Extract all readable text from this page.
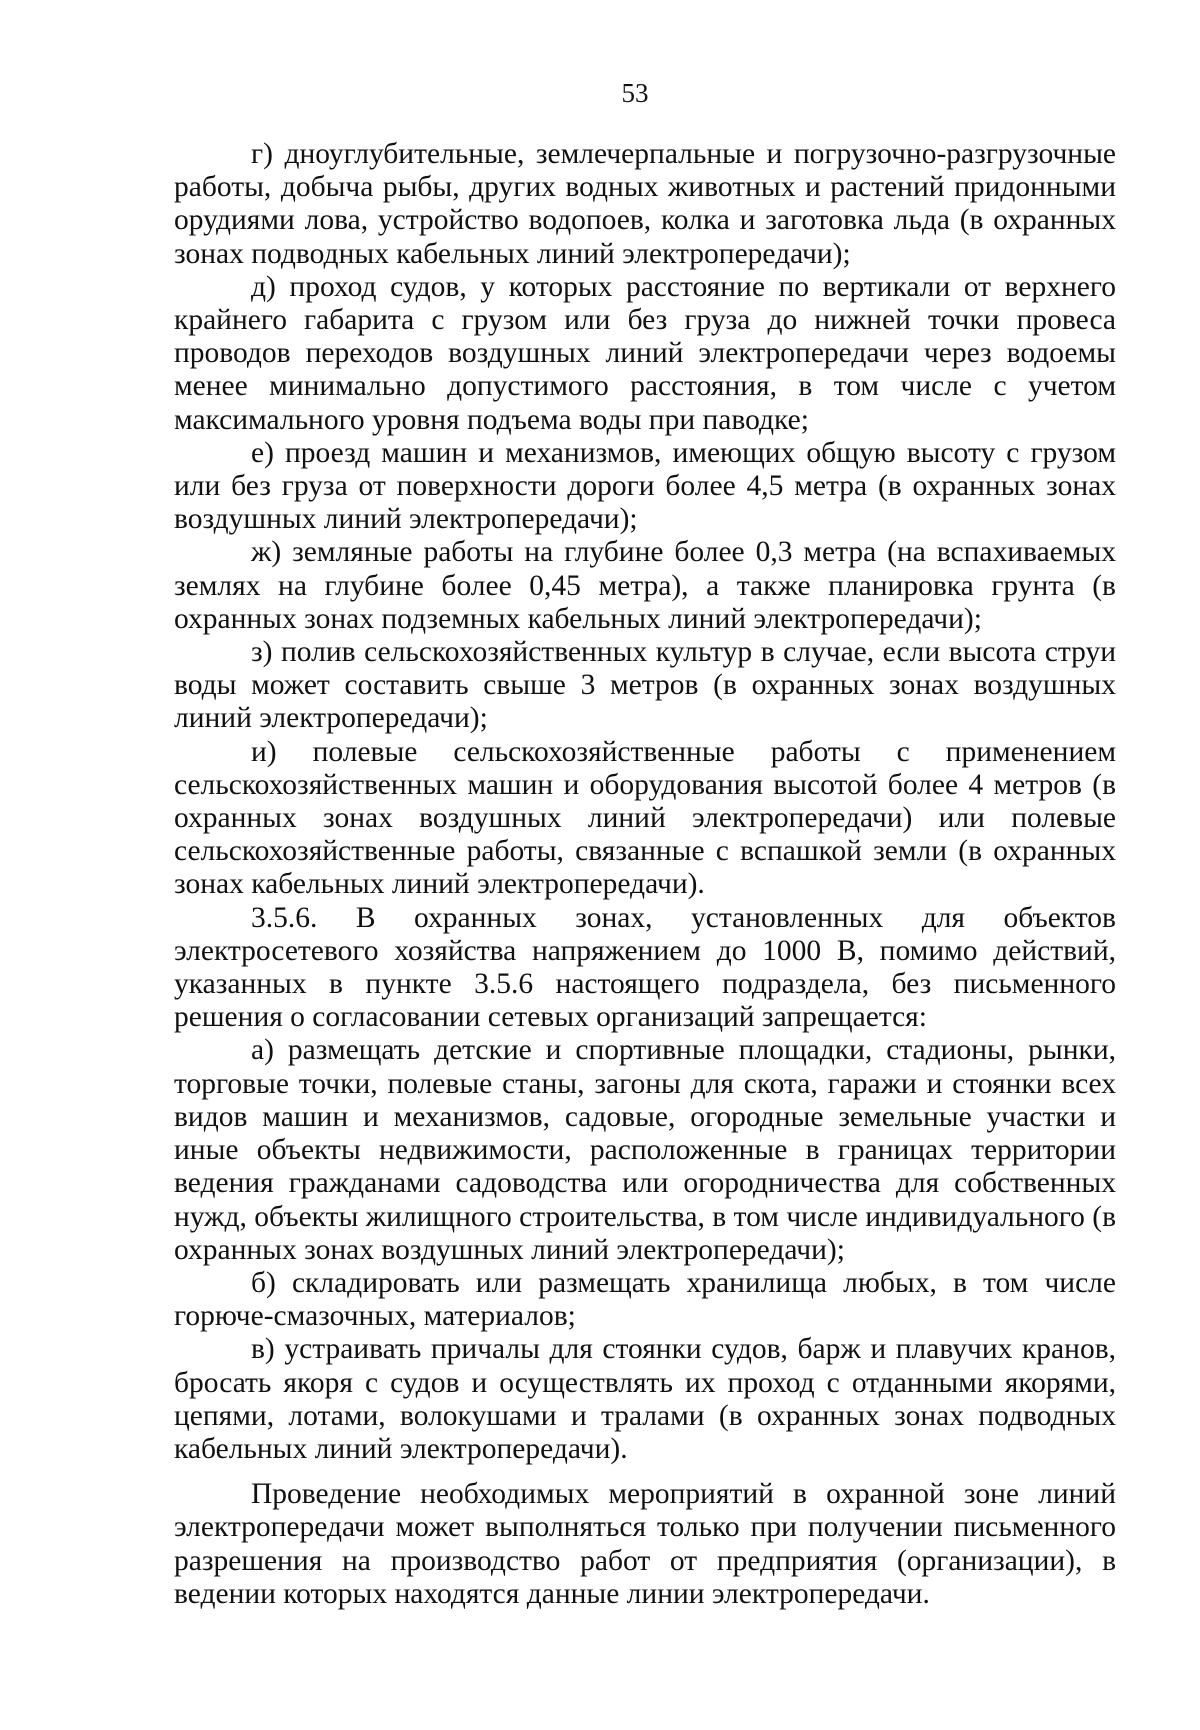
53

г) дноуглубительные, землечерпальные и погрузочно-разгрузочные работы, добыча рыбы, других водных животных и растений придонными орудиями лова, устройство водопоев, колка и заготовка льда (в охранных зонах подводных кабельных линий электропередачи);

д) проход судов, у которых расстояние по вертикали от верхнего крайнего габарита с грузом или без груза до нижней точки провеса проводов переходов воздушных линий электропередачи через водоемы менее минимально допустимого расстояния, в том числе с учетом максимального уровня подъема воды при паводке;

е) проезд машин и механизмов, имеющих общую высоту с грузом или без груза от поверхности дороги более 4,5 метра (в охранных зонах воздушных линий электропередачи);

ж) земляные работы на глубине более 0,3 метра (на вспахиваемых землях на глубине более 0,45 метра), а также планировка грунта (в охранных зонах подземных кабельных линий электропередачи);

з) полив сельскохозяйственных культур в случае, если высота струи воды может составить свыше 3 метров (в охранных зонах воздушных линий электропередачи);

и) полевые сельскохозяйственные работы с применением сельскохозяйственных машин и оборудования высотой более 4 метров (в охранных зонах воздушных линий электропередачи) или полевые сельскохозяйственные работы, связанные с вспашкой земли (в охранных зонах кабельных линий электропередачи).

3.5.6. В охранных зонах, установленных для объектов электросетевого хозяйства напряжением до 1000 В, помимо действий, указанных в пункте 3.5.6 настоящего подраздела, без письменного решения о согласовании сетевых организаций запрещается:

а) размещать детские и спортивные площадки, стадионы, рынки, торговые точки, полевые станы, загоны для скота, гаражи и стоянки всех видов машин и механизмов, садовые, огородные земельные участки и иные объекты недвижимости, расположенные в границах территории ведения гражданами садоводства или огородничества для собственных нужд, объекты жилищного строительства, в том числе индивидуального (в охранных зонах воздушных линий электропередачи);

б) складировать или размещать хранилища любых, в том числе горюче-смазочных, материалов;

в) устраивать причалы для стоянки судов, барж и плавучих кранов, бросать якоря с судов и осуществлять их проход с отданными якорями, цепями, лотами, волокушами и тралами (в охранных зонах подводных кабельных линий электропередачи).

Проведение необходимых мероприятий в охранной зоне линий электропередачи может выполняться только при получении письменного разрешения на производство работ от предприятия (организации), в ведении которых находятся данные линии электропередачи.
